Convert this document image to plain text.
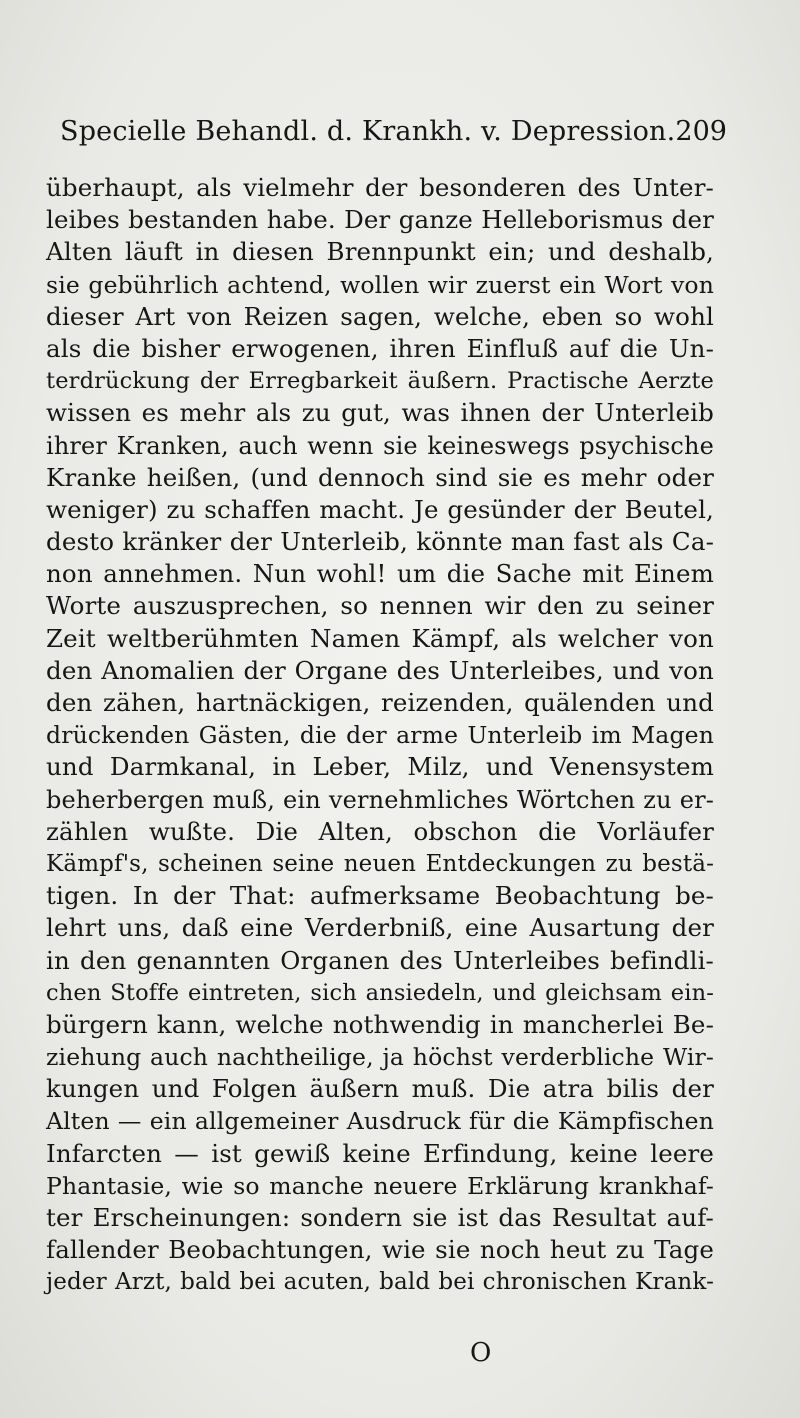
Specielle Behandl. d. Krankh. v. Depression. 209
überhaupt, als vielmehr der besonderen des Unter-
leibes bestanden habe. Der ganze Helleborismus der
Alten läuft in diesen Brennpunkt ein; und deshalb,
sie gebührlich achtend, wollen wir zuerst ein Wort von
dieser Art von Reizen sagen, welche, eben so wohl
als die bisher erwogenen, ihren Einfluß auf die Un-
terdrückung der Erregbarkeit äußern. Practische Aerzte
wissen es mehr als zu gut, was ihnen der Unterleib
ihrer Kranken, auch wenn sie keineswegs psychische
Kranke heißen, (und dennoch sind sie es mehr oder
weniger) zu schaffen macht. Je gesünder der Beutel,
desto kränker der Unterleib, könnte man fast als Ca-
non annehmen. Nun wohl! um die Sache mit Einem
Worte auszusprechen, so nennen wir den zu seiner
Zeit weltberühmten Namen Kämpf, als welcher von
den Anomalien der Organe des Unterleibes, und von
den zähen, hartnäckigen, reizenden, quälenden und
drückenden Gästen, die der arme Unterleib im Magen
und Darmkanal, in Leber, Milz, und Venensystem
beherbergen muß, ein vernehmliches Wörtchen zu er-
zählen wußte. Die Alten, obschon die Vorläufer
Kämpf's, scheinen seine neuen Entdeckungen zu bestä-
tigen. In der That: aufmerksame Beobachtung be-
lehrt uns, daß eine Verderbniß, eine Ausartung der
in den genannten Organen des Unterleibes befindli-
chen Stoffe eintreten, sich ansiedeln, und gleichsam ein-
bürgern kann, welche nothwendig in mancherlei Be-
ziehung auch nachtheilige, ja höchst verderbliche Wir-
kungen und Folgen äußern muß. Die atra bilis der
Alten — ein allgemeiner Ausdruck für die Kämpfischen
Infarcten — ist gewiß keine Erfindung, keine leere
Phantasie, wie so manche neuere Erklärung krankhaf-
ter Erscheinungen: sondern sie ist das Resultat auf-
fallender Beobachtungen, wie sie noch heut zu Tage
jeder Arzt, bald bei acuten, bald bei chronischen Krank-
O
